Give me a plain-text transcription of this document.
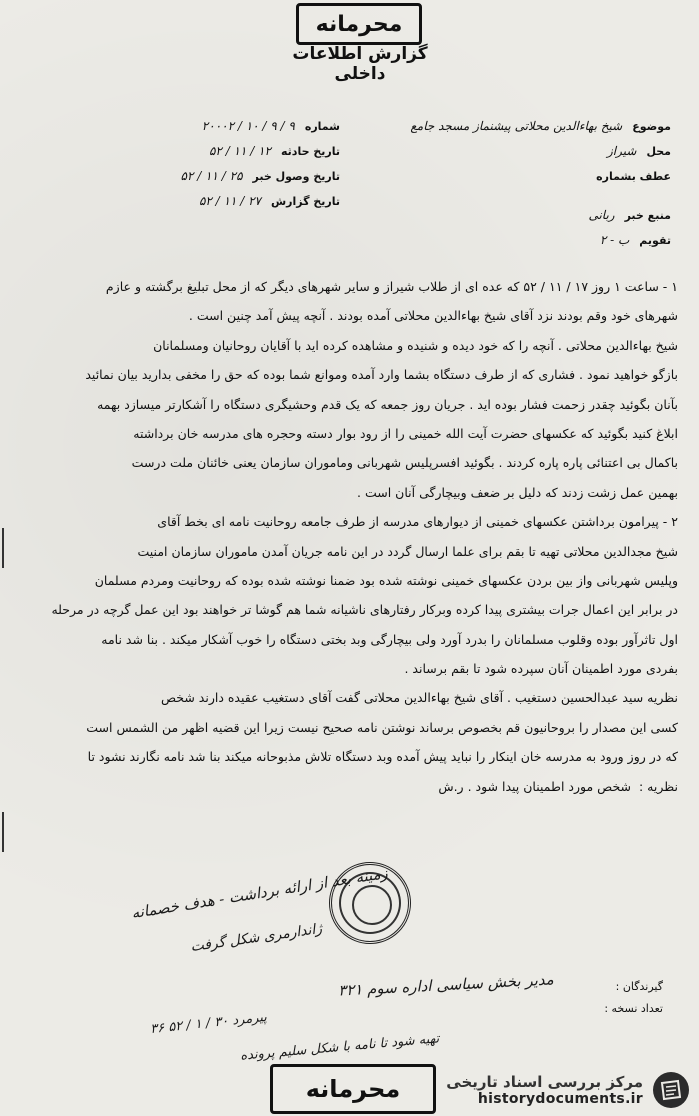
محرمانه
گزارش اطلاعات داخلی
موضوع
شیخ بهاءالدین محلاتی پیشنماز مسجد جامع
محل
شیراز
عطف بشماره
منبع خبر
ربانی
تقویم
ب - ۲
شماره
۹ / ۹ / ۱۰ / ۲۰۰۰۲
تاریخ حادثه
۱۲ / ۱۱ / ۵۲
تاریخ وصول خبر
۲۵ / ۱۱ / ۵۲
تاریخ گزارش
۲۷ / ۱۱ / ۵۲
۱ - ساعت ۱ روز ۱۷ / ۱۱ / ۵۲ که عده ای از طلاب شیراز و سایر شهرهای دیگر که از محل تبلیغ برگشته و عازم
شهرهای خود وقم بودند نزد آقای شیخ بهاءالدین محلاتی آمده بودند . آنچه پیش آمد چنین است .
شیخ بهاءالدین محلاتی . آنچه را که خود دیده و شنیده و مشاهده کرده اید با آقایان روحانیان ومسلمانان
بازگو خواهید نمود . فشاری که از طرف دستگاه بشما وارد آمده وموانع شما بوده که حق را مخفی بدارید بیان نمائید
بآنان بگوئید چقدر زحمت فشار بوده اید . جریان روز جمعه که یک قدم وحشیگری دستگاه را آشکارتر میسازد بهمه
ابلاغ کنید بگوئید که عکسهای حضرت آیت الله خمینی را از رود بوار دسته وحجره های مدرسه خان برداشته
باکمال بی اعتنائی پاره پاره کردند . بگوئید افسرپلیس شهربانی وماموران سازمان یعنی خائنان ملت درست
بهمین عمل زشت زدند که دلیل بر ضعف وبیچارگی آنان است .
۲ - پیرامون برداشتن عکسهای خمینی از دیوارهای مدرسه از طرف جامعه روحانیت نامه ای بخط آقای
شیخ مجدالدین محلاتی تهیه تا بقم برای علما ارسال گردد در این نامه جریان آمدن ماموران سازمان امنیت
وپلیس شهربانی واز بین بردن عکسهای خمینی نوشته شده بود ضمنا نوشته شده بوده که روحانیت ومردم مسلمان
در برابر این اعمال جرات بیشتری پیدا کرده وبرکار رفتارهای ناشیانه شما هم گوشا تر خواهند بود این عمل گرچه در مرحله
اول تاثرآور بوده وقلوب مسلمانان را بدرد آورد ولی بیچارگی وبد بختی دستگاه را خوب آشکار میکند . بنا شد نامه
بفردی مورد اطمینان آنان سپرده شود تا بقم برساند .
نظریه سید عبدالحسین دستغیب . آقای شیخ بهاءالدین محلاتی گفت آقای دستغیب عقیده دارند شخص
کسی این مصدار را بروحانیون قم بخصوص برساند نوشتن نامه صحیح نیست زیرا این قضیه اظهر من الشمس است
که در روز ورود به مدرسه خان اینکار را نباید پیش آمده وبد دستگاه تلاش مذبوحانه میکند بنا شد نامه نگارند نشود تا
نظریه :
شخص مورد اطمینان پیدا شود . ر.ش
زمینه بعد از ارائه برداشت - هدف خصمانه
ژاندارمری شکل گرفت
مدیر بخش سیاسی اداره سوم ۳۲۱
پیرمرد ۳۰ / ۱ / ۵۲ ۳۶
تهیه شود تا نامه با شکل سلیم پرونده
گیرندگان :
تعداد نسخه :
محرمانه	مرکز بررسی اسناد تاریخی
historydocuments.ir
